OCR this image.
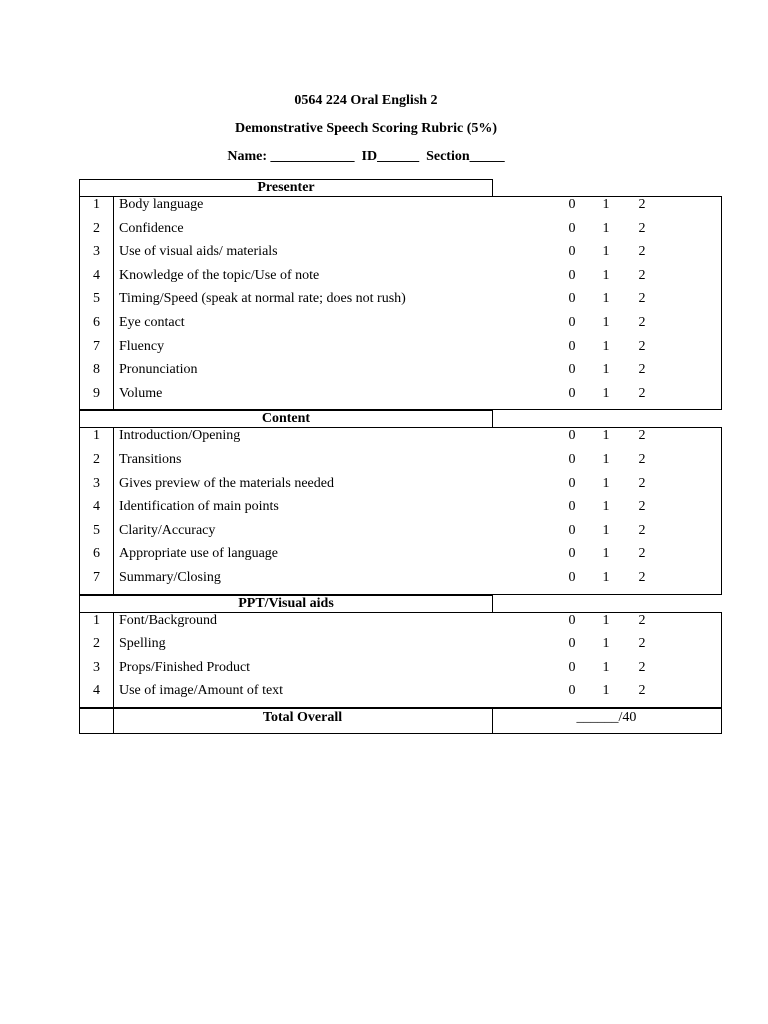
0564 224 Oral English 2
Demonstrative Speech Scoring Rubric (5%)
Name: ____________  ID______  Section_____
Presenter
1	Body language	0 1 2
2	Confidence	0 1 2
3	Use of visual aids/ materials	0 1 2
4	Knowledge of the topic/Use of note	0 1 2
5	Timing/Speed (speak at normal rate; does not rush)	0 1 2
6	Eye contact	0 1 2
7	Fluency	0 1 2
8	Pronunciation	0 1 2
9	Volume	0 1 2
Content
1	Introduction/Opening	0 1 2
2	Transitions	0 1 2
3	Gives preview of the materials needed	0 1 2
4	Identification of main points	0 1 2
5	Clarity/Accuracy	0 1 2
6	Appropriate use of language	0 1 2
7	Summary/Closing	0 1 2
PPT/Visual aids
1	Font/Background	0 1 2
2	Spelling	0 1 2
3	Props/Finished Product	0 1 2
4	Use of image/Amount of text	0 1 2
Total Overall	______/40
